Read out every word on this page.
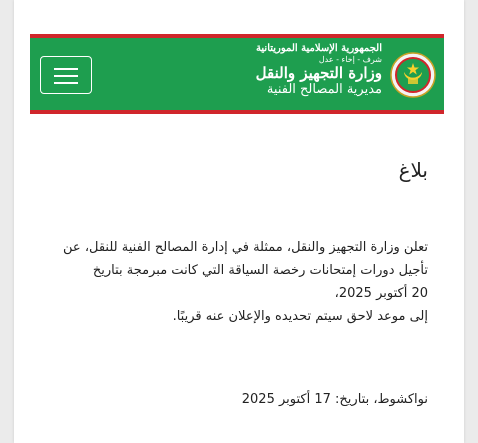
الجمهورية الإسلامية الموريتانية
شرف - إخاء - عدل
وزارة التجهيز والنقل
مديرية المصالح الفنية
بلاغ

تعلن وزارة التجهيز والنقل، ممثلة في إدارة المصالح الفنية للنقل، عن
تأجيل دورات إمتحانات رخصة السياقة التي كانت مبرمجة بتاريخ
20 أكتوبر 2025،
إلى موعد لاحق سيتم تحديده والإعلان عنه قريبًا.

نواكشوط، بتاريخ: 17 أكتوبر 2025
